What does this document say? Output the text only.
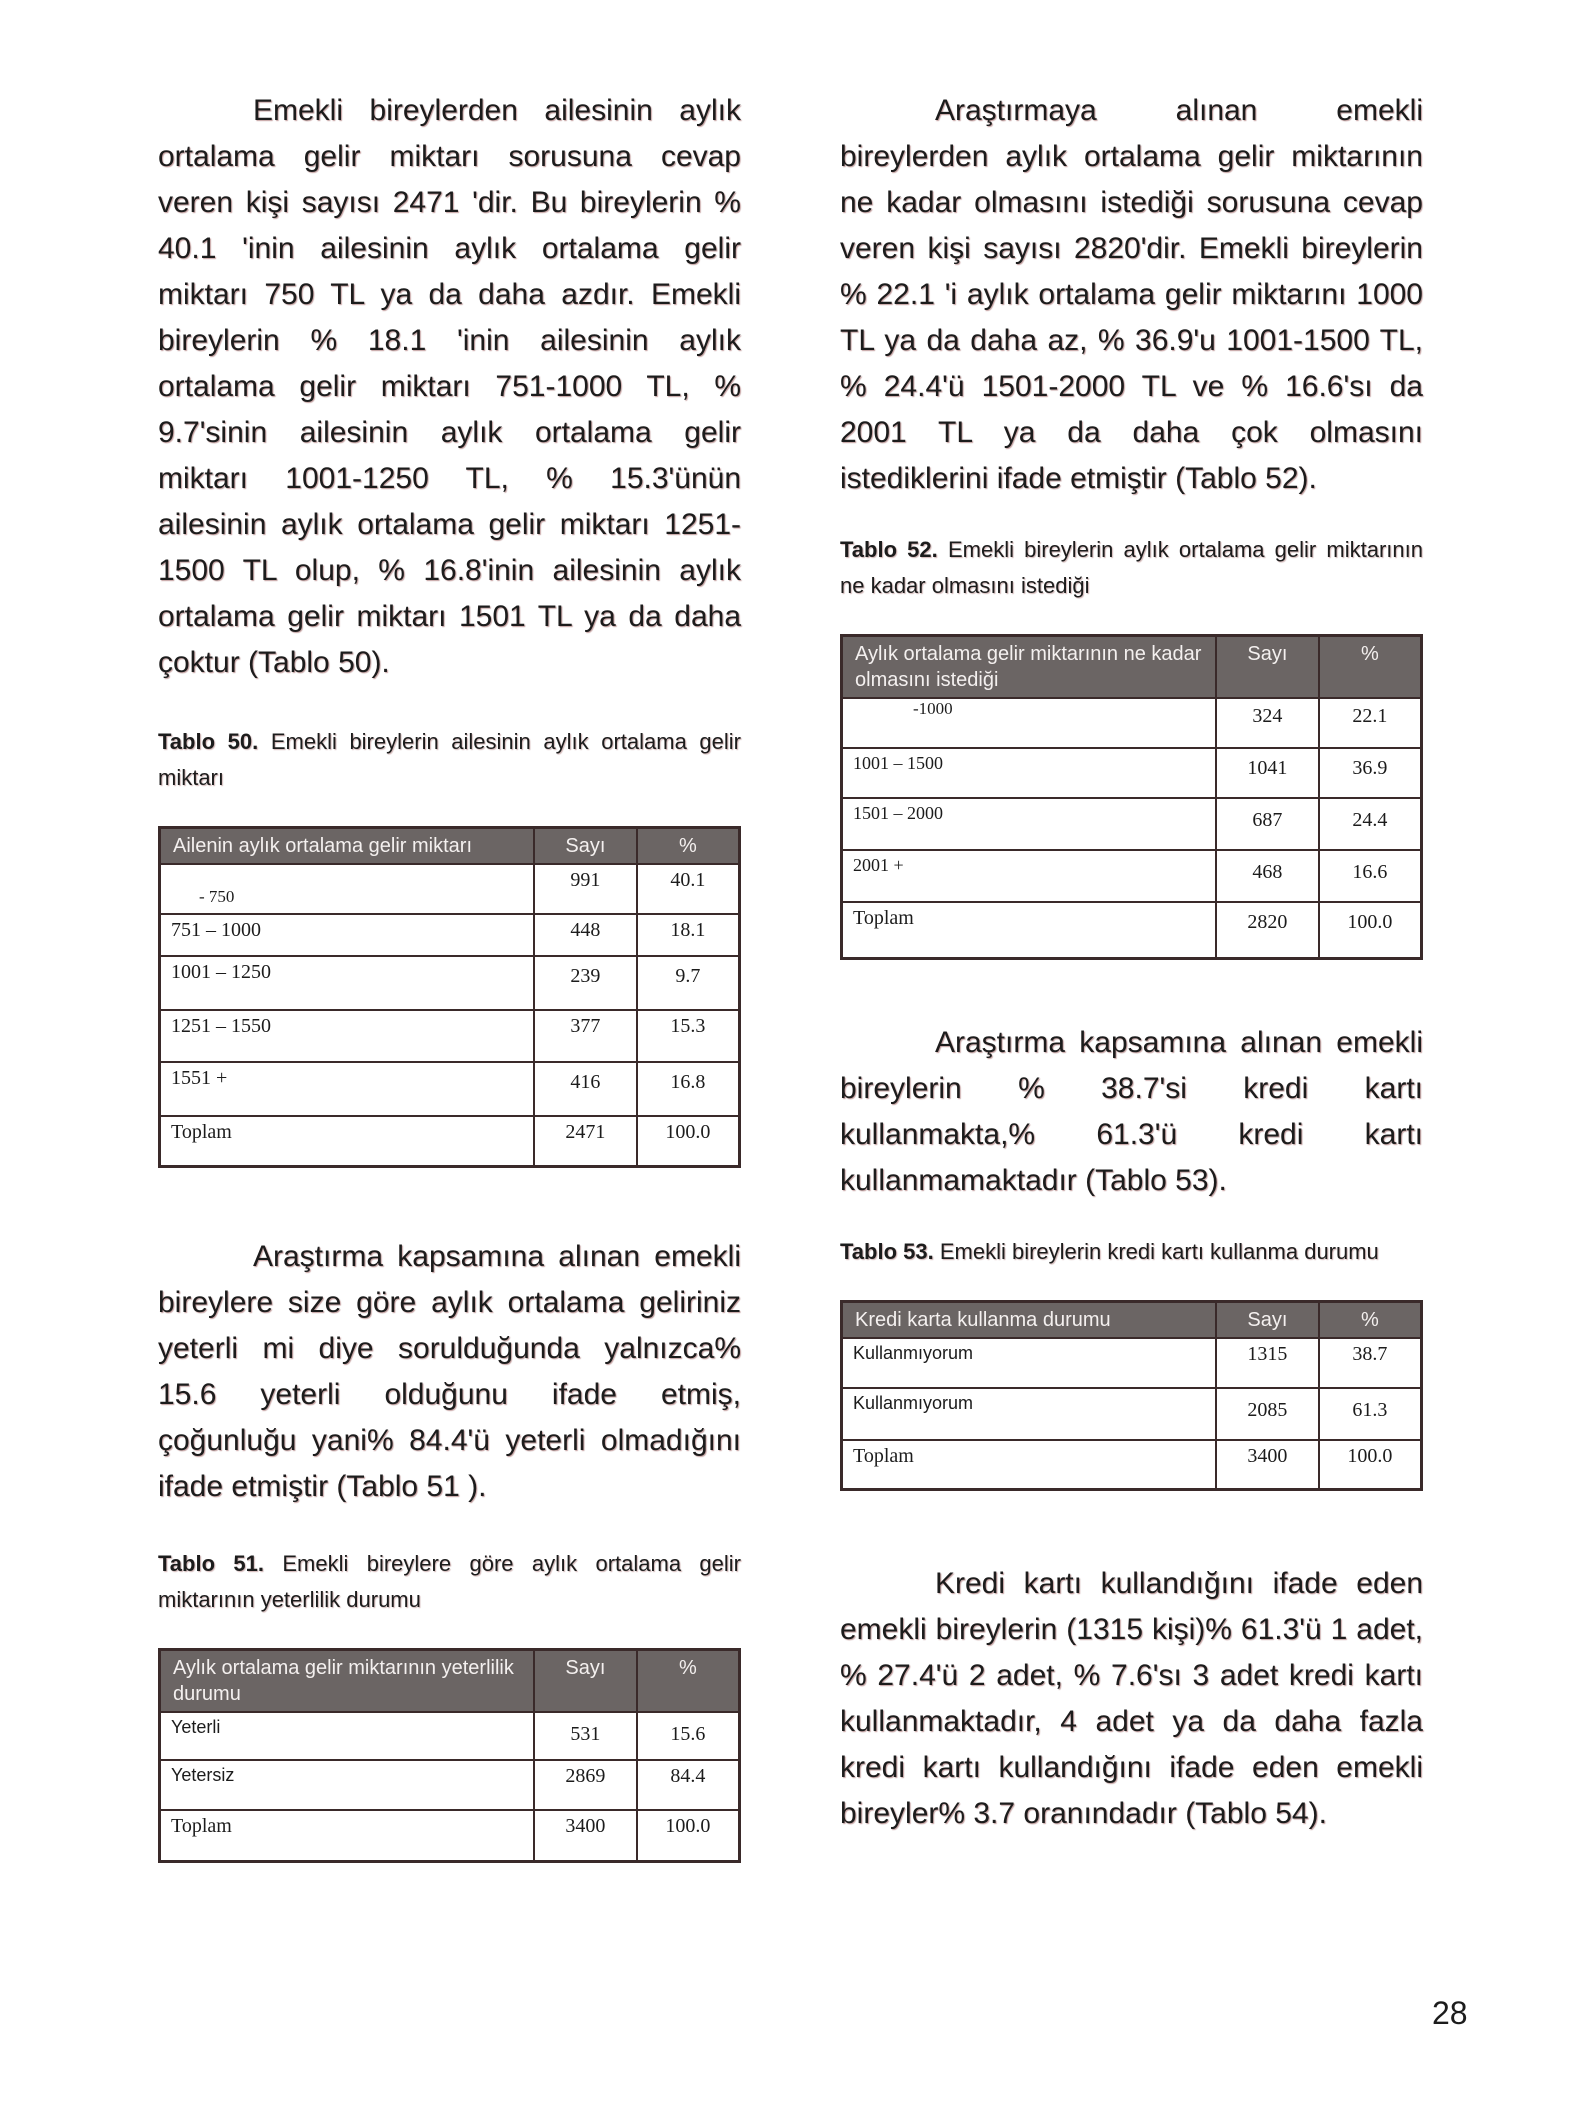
Emekli bireylerden ailesinin aylık ortalama gelir miktarı sorusuna cevap veren kişi sayısı 2471 'dir. Bu bireylerin % 40.1 'inin ailesinin aylık ortalama gelir miktarı 750 TL ya da daha azdır. Emekli bireylerin % 18.1 'inin ailesinin aylık ortalama gelir miktarı 751-1000 TL, % 9.7'sinin ailesinin aylık ortalama gelir miktarı 1001-1250 TL, % 15.3'ünün ailesinin aylık ortalama gelir miktarı 1251-1500 TL olup, % 16.8'inin ailesinin aylık ortalama gelir miktarı 1501 TL ya da daha çoktur (Tablo 50).

Tablo 50. Emekli bireylerin ailesinin aylık ortalama gelir miktarı

Ailenin aylık ortalama gelir miktarı	Sayı	%
- 750	991	40.1
751 – 1000	448	18.1
1001 – 1250	239	9.7
1251 – 1550	377	15.3
1551 +	416	16.8
Toplam	2471	100.0

Araştırma kapsamına alınan emekli bireylere size göre aylık ortalama geliriniz yeterli mi diye sorulduğunda yalnızca% 15.6 yeterli olduğunu ifade etmiş, çoğunluğu yani% 84.4'ü yeterli olmadığını ifade etmiştir (Tablo 51 ).

Tablo 51. Emekli bireylere göre aylık ortalama gelir miktarının yeterlilik durumu

Aylık ortalama gelir miktarının yeterlilik durumu	Sayı	%
Yeterli	531	15.6
Yetersiz	2869	84.4
Toplam	3400	100.0

Araştırmaya alınan emekli bireylerden aylık ortalama gelir miktarının ne kadar olmasını istediği sorusuna cevap veren kişi sayısı 2820'dir. Emekli bireylerin % 22.1 'i aylık ortalama gelir miktarını 1000 TL ya da daha az, % 36.9'u 1001-1500 TL, % 24.4'ü 1501-2000 TL ve % 16.6'sı da 2001 TL ya da daha çok olmasını istediklerini ifade etmiştir (Tablo 52).

Tablo 52. Emekli bireylerin aylık ortalama gelir miktarının ne kadar olmasını istediği

Aylık ortalama gelir miktarının ne kadar olmasını istediği	Sayı	%
-1000	324	22.1
1001 – 1500	1041	36.9
1501 – 2000	687	24.4
2001 +	468	16.6
Toplam	2820	100.0

Araştırma kapsamına alınan emekli bireylerin % 38.7'si kredi kartı kullanmakta,% 61.3'ü kredi kartı kullanmamaktadır (Tablo 53).

Tablo 53. Emekli bireylerin kredi kartı kullanma durumu

Kredi karta kullanma durumu	Sayı	%
Kullanmıyorum	1315	38.7
Kullanmıyorum	2085	61.3
Toplam	3400	100.0

Kredi kartı kullandığını ifade eden emekli bireylerin (1315 kişi)% 61.3'ü 1 adet, % 27.4'ü 2 adet, % 7.6'sı 3 adet kredi kartı kullanmaktadır, 4 adet ya da daha fazla kredi kartı kullandığını ifade eden emekli bireyler% 3.7 oranındadır (Tablo 54).

28
